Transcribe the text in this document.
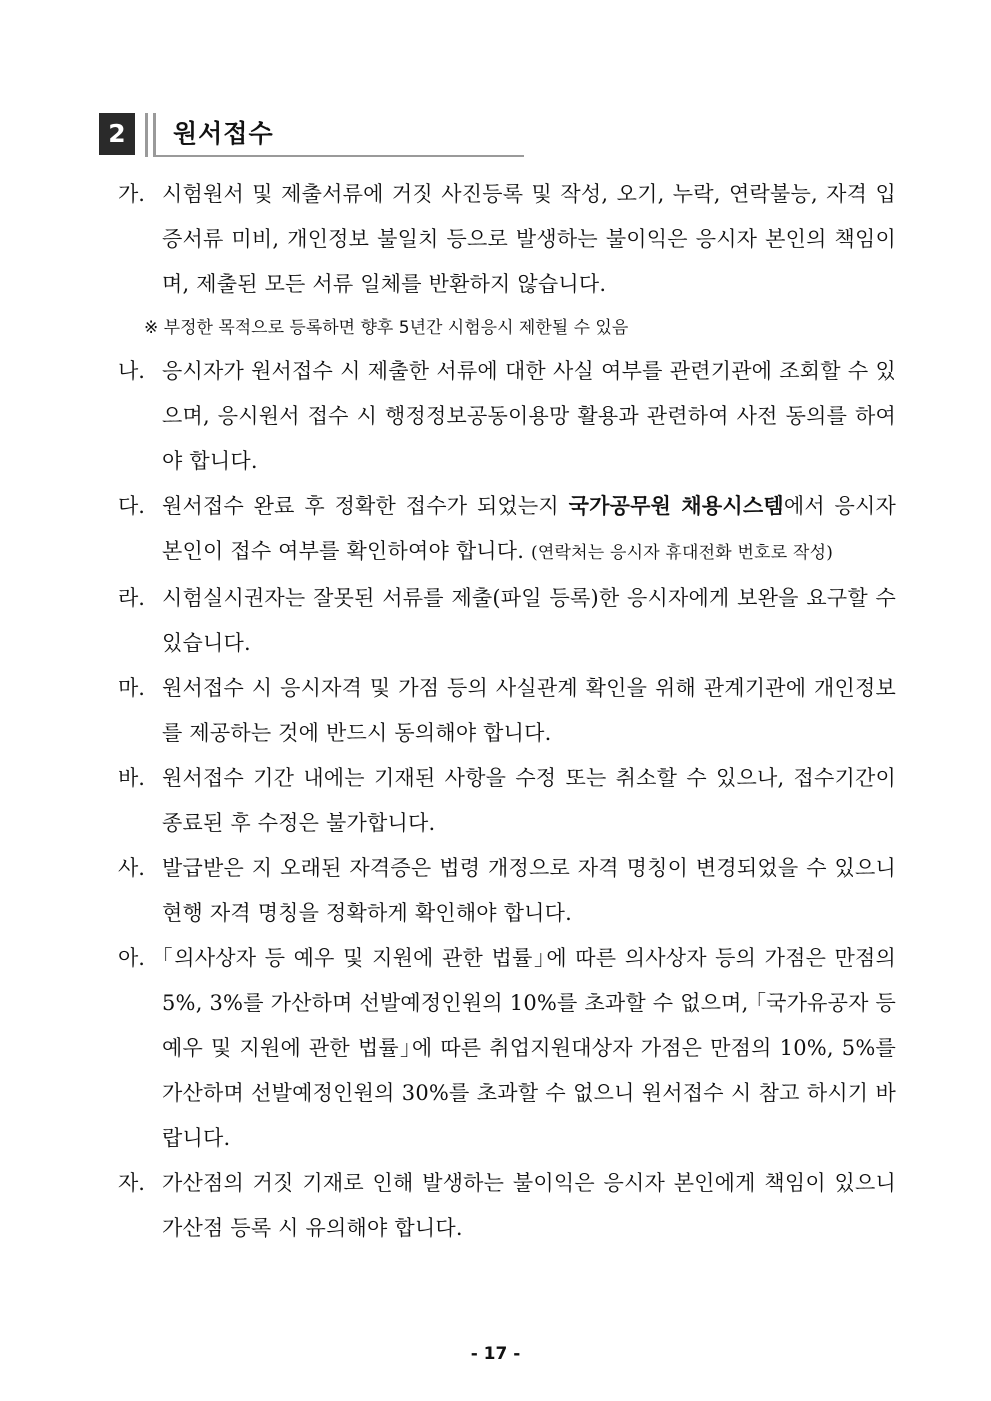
2	원서접수
가. 시험원서 및 제출서류에 거짓 사진등록 및 작성, 오기, 누락, 연락불능, 자격 입증서류 미비, 개인정보 불일치 등으로 발생하는 불이익은 응시자 본인의 책임이며, 제출된 모든 서류 일체를 반환하지 않습니다.
※ 부정한 목적으로 등록하면 향후 5년간 시험응시 제한될 수 있음
나. 응시자가 원서접수 시 제출한 서류에 대한 사실 여부를 관련기관에 조회할 수 있으며, 응시원서 접수 시 행정정보공동이용망 활용과 관련하여 사전 동의를 하여야 합니다.
다. 원서접수 완료 후 정확한 접수가 되었는지 국가공무원 채용시스템에서 응시자 본인이 접수 여부를 확인하여야 합니다. (연락처는 응시자 휴대전화 번호로 작성)
라. 시험실시권자는 잘못된 서류를 제출(파일 등록)한 응시자에게 보완을 요구할 수 있습니다.
마. 원서접수 시 응시자격 및 가점 등의 사실관계 확인을 위해 관계기관에 개인정보를 제공하는 것에 반드시 동의해야 합니다.
바. 원서접수 기간 내에는 기재된 사항을 수정 또는 취소할 수 있으나, 접수기간이 종료된 후 수정은 불가합니다.
사. 발급받은 지 오래된 자격증은 법령 개정으로 자격 명칭이 변경되었을 수 있으니 현행 자격 명칭을 정확하게 확인해야 합니다.
아. ｢의사상자 등 예우 및 지원에 관한 법률｣에 따른 의사상자 등의 가점은 만점의 5%, 3%를 가산하며 선발예정인원의 10%를 초과할 수 없으며, ｢국가유공자 등 예우 및 지원에 관한 법률｣에 따른 취업지원대상자 가점은 만점의 10%, 5%를 가산하며 선발예정인원의 30%를 초과할 수 없으니 원서접수 시 참고 하시기 바랍니다.
자. 가산점의 거짓 기재로 인해 발생하는 불이익은 응시자 본인에게 책임이 있으니 가산점 등록 시 유의해야 합니다.
- 17 -
